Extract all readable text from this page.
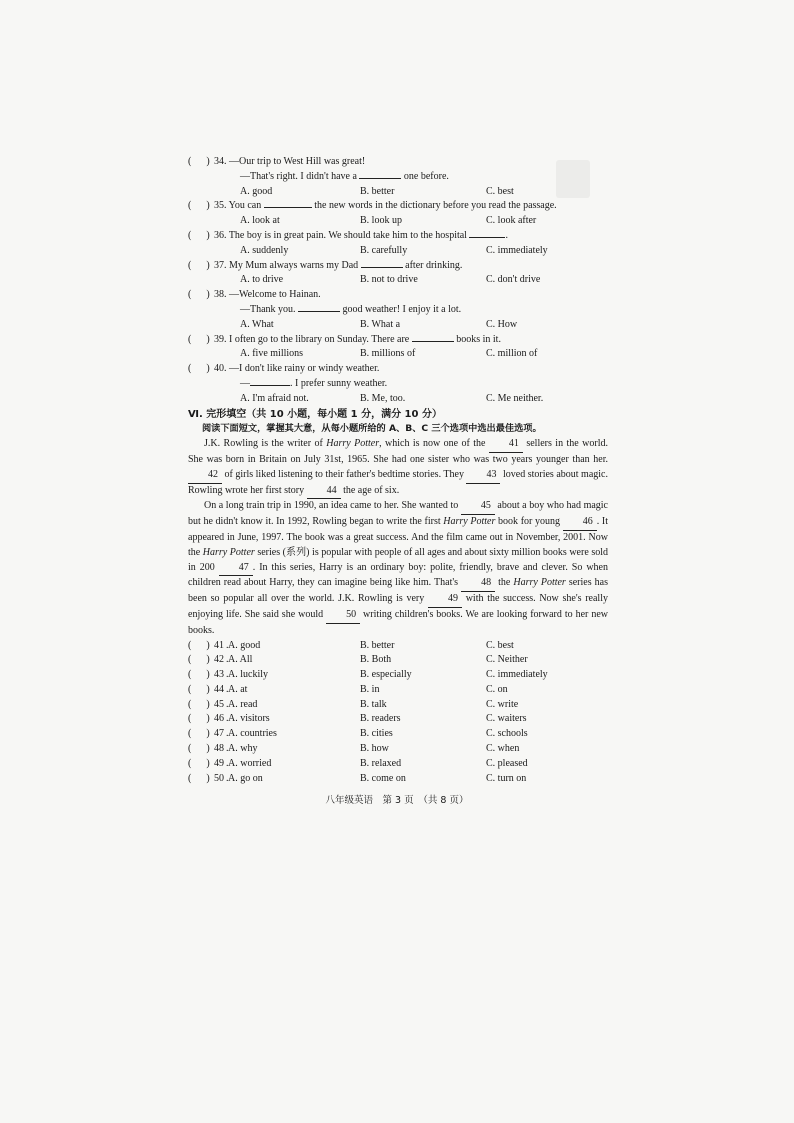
(      ) 34. —Our trip to West Hill was great!
—That's right. I didn't have a	one before.
A. good	B. better	C. best
(      ) 35. You can	the new words in the dictionary before you read the passage.
A. look at	B. look up	C. look after
(      ) 36. The boy is in great pain. We should take him to the hospital	.
A. suddenly	B. carefully	C. immediately
(      ) 37. My Mum always warns my Dad	after drinking.
A. to drive	B. not to drive	C. don't drive
(      ) 38. —Welcome to Hainan.
—Thank you.	good weather! I enjoy it a lot.
A. What	B. What a	C. How
(      ) 39. I often go to the library on Sunday. There are	books in it.
A. five millions	B. millions of	C. million of
(      ) 40. —I don't like rainy or windy weather.
—	. I prefer sunny weather.
A. I'm afraid not.	B. Me, too.	C. Me neither.
Ⅵ. 完形填空（共 10 小题，每小题 1 分，满分 10 分）
阅读下面短文，掌握其大意，从每小题所给的 A、B、C 三个选项中选出最佳选项。

J.K. Rowling is the writer of Harry Potter, which is now one of the 41 sellers in the world. She was born in Britain on July 31st, 1965. She had one sister who was two years younger than her. 42 of girls liked listening to their father's bedtime stories. They 43 loved stories about magic. Rowling wrote her first story 44 the age of six.

On a long train trip in 1990, an idea came to her. She wanted to 45 about a boy who had magic but he didn't know it. In 1992, Rowling began to write the first Harry Potter book for young 46 . It appeared in June, 1997. The book was a great success. And the film came out in November, 2001. Now the Harry Potter series (系列) is popular with people of all ages and about sixty million books were sold in 200 47 . In this series, Harry is an ordinary boy: polite, friendly, brave and clever. So when children read about Harry, they can imagine being like him. That's 48 the Harry Potter series has been so popular all over the world. J.K. Rowling is very 49 with the success. Now she's really enjoying life. She said she would 50 writing children's books. We are looking forward to her new books.

(      ) 41 . A. good	B. better	C. best
(      ) 42 . A. All	B. Both	C. Neither
(      ) 43 . A. luckily	B. especially	C. immediately
(      ) 44 . A. at	B. in	C. on
(      ) 45 . A. read	B. talk	C. write
(      ) 46 . A. visitors	B. readers	C. waiters
(      ) 47 . A. countries	B. cities	C. schools
(      ) 48 . A. why	B. how	C. when
(      ) 49 . A. worried	B. relaxed	C. pleased
(      ) 50 . A. go on	B. come on	C. turn on
八年级英语　第 3 页　（共 8 页）
